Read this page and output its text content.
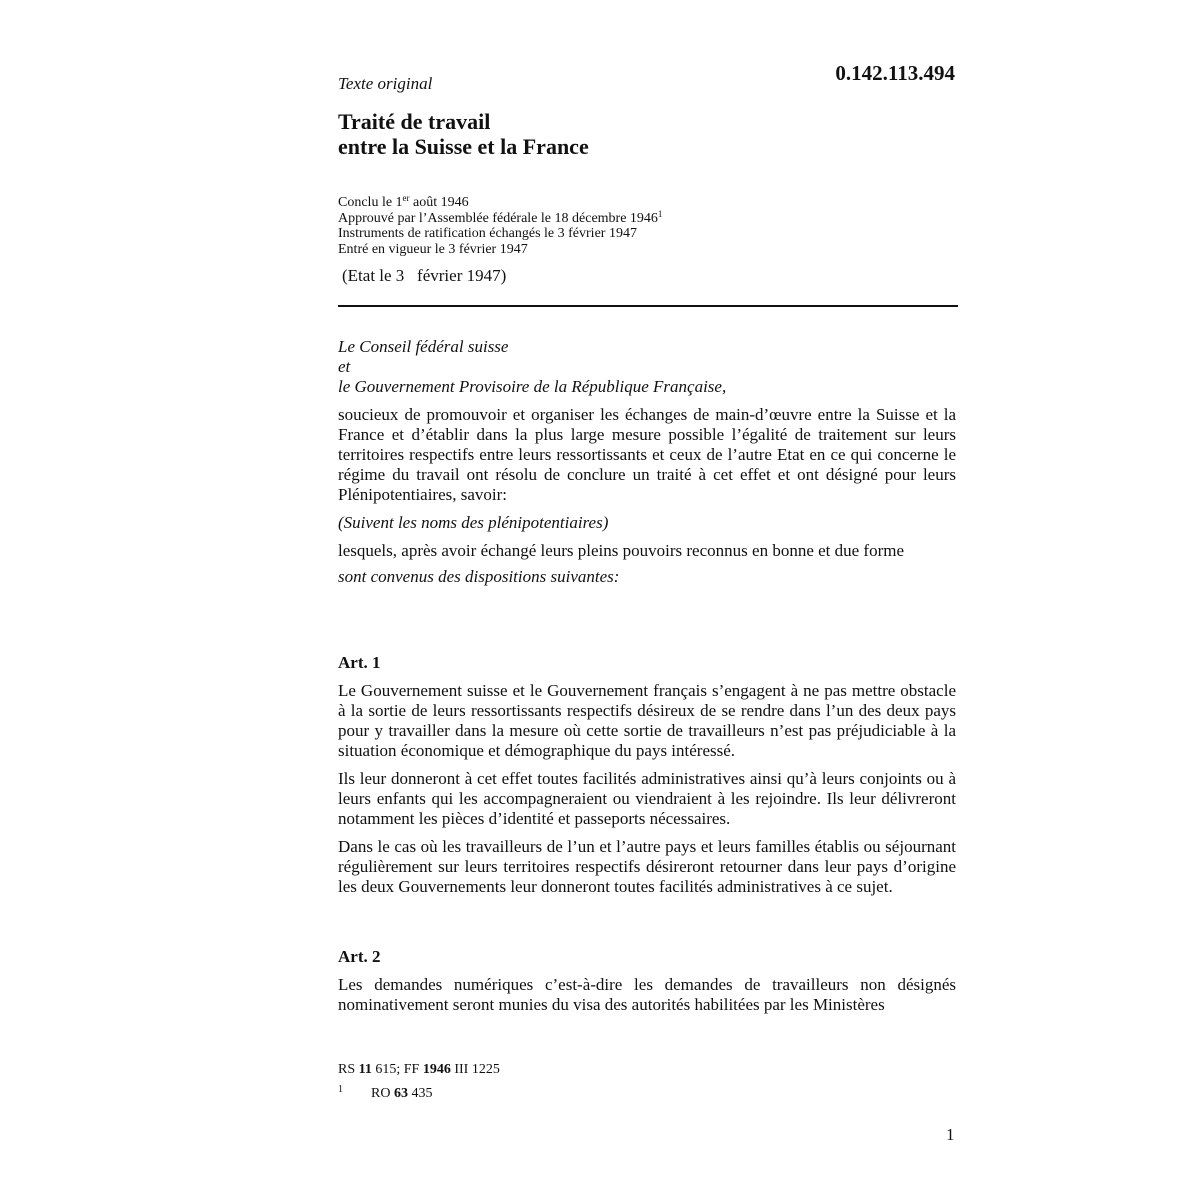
Texte original	0.142.113.494
Traité de travail
entre la Suisse et la France
Conclu le 1er août 1946
Approuvé par l’Assemblée fédérale le 18 décembre 1946$^1$
Instruments de ratification échangés le 3 février 1947
Entré en vigueur le 3 février 1947
(Etat le 3   février 1947)
Le Conseil fédéral suisse
et
le Gouvernement Provisoire de la République Française,

soucieux de promouvoir et organiser les échanges de main-d’œuvre entre la Suisse et la France et d’établir dans la plus large mesure possible l’égalité de traitement sur leurs territoires respectifs entre leurs ressortissants et ceux de l’autre Etat en ce qui concerne le régime du travail ont résolu de conclure un traité à cet effet et ont désigné pour leurs Plénipotentiaires, savoir:

(Suivent les noms des plénipotentiaires)

lesquels, après avoir échangé leurs pleins pouvoirs reconnus en bonne et due forme

sont convenus des dispositions suivantes:

Art. 1

Le Gouvernement suisse et le Gouvernement français s’engagent à ne pas mettre obstacle à la sortie de leurs ressortissants respectifs désireux de se rendre dans l’un des deux pays pour y travailler dans la mesure où cette sortie de travailleurs n’est pas préjudiciable à la situation économique et démographique du pays intéressé.

Ils leur donneront à cet effet toutes facilités administratives ainsi qu’à leurs conjoints ou à leurs enfants qui les accompagneraient ou viendraient à les rejoindre. Ils leur délivreront notamment les pièces d’identité et passeports nécessaires.

Dans le cas où les travailleurs de l’un et l’autre pays et leurs familles établis ou séjournant régulièrement sur leurs territoires respectifs désireront retourner dans leur pays d’origine les deux Gouvernements leur donneront toutes facilités administratives à ce sujet.

Art. 2

Les demandes numériques c’est-à-dire les demandes de travailleurs non désignés nominativement seront munies du visa des autorités habilitées par les Ministères

RS 11 615; FF 1946 III 1225
1 RO 63 435
1
